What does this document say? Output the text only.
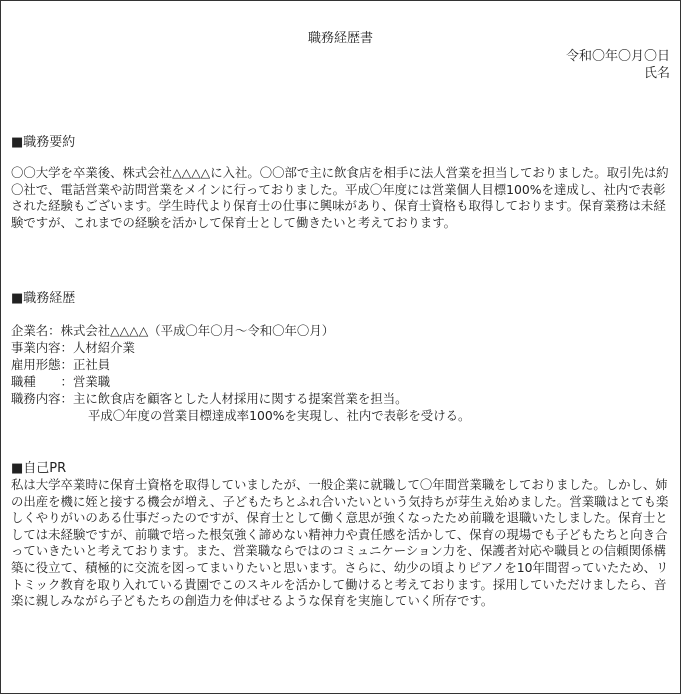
職務経歴書
令和〇年〇月〇日
氏名
■職務要約
〇〇大学を卒業後、株式会社△△△△に入社。〇〇部で主に飲食店を相手に法人営業を担当しておりました。取引先は約〇社で、電話営業や訪問営業をメインに行っておりました。平成〇年度には営業個人目標100%を達成し、社内で表彰された経験もございます。学生時代より保育士の仕事に興味があり、保育士資格も取得しております。保育業務は未経験ですが、これまでの経験を活かして保育士として働きたいと考えております。
■職務経歴
企業名：株式会社△△△△（平成〇年〇月～令和〇年〇月）
事業内容：人材紹介業
雇用形態：正社員
職種　　：営業職
職務内容：主に飲食店を顧客とした人材採用に関する提案営業を担当。
平成〇年度の営業目標達成率100%を実現し、社内で表彰を受ける。
■自己PR
私は大学卒業時に保育士資格を取得していましたが、一般企業に就職して〇年間営業職をしておりました。しかし、姉の出産を機に姪と接する機会が増え、子どもたちとふれ合いたいという気持ちが芽生え始めました。営業職はとても楽しくやりがいのある仕事だったのですが、保育士として働く意思が強くなったため前職を退職いたしました。保育士としては未経験ですが、前職で培った根気強く諦めない精神力や責任感を活かして、保育の現場でも子どもたちと向き合っていきたいと考えております。また、営業職ならではのコミュニケーション力を、保護者対応や職員との信頼関係構築に役立て、積極的に交流を図ってまいりたいと思います。さらに、幼少の頃よりピアノを10年間習っていたため、リトミック教育を取り入れている貴園でこのスキルを活かして働けると考えております。採用していただけましたら、音楽に親しみながら子どもたちの創造力を伸ばせるような保育を実施していく所存です。
